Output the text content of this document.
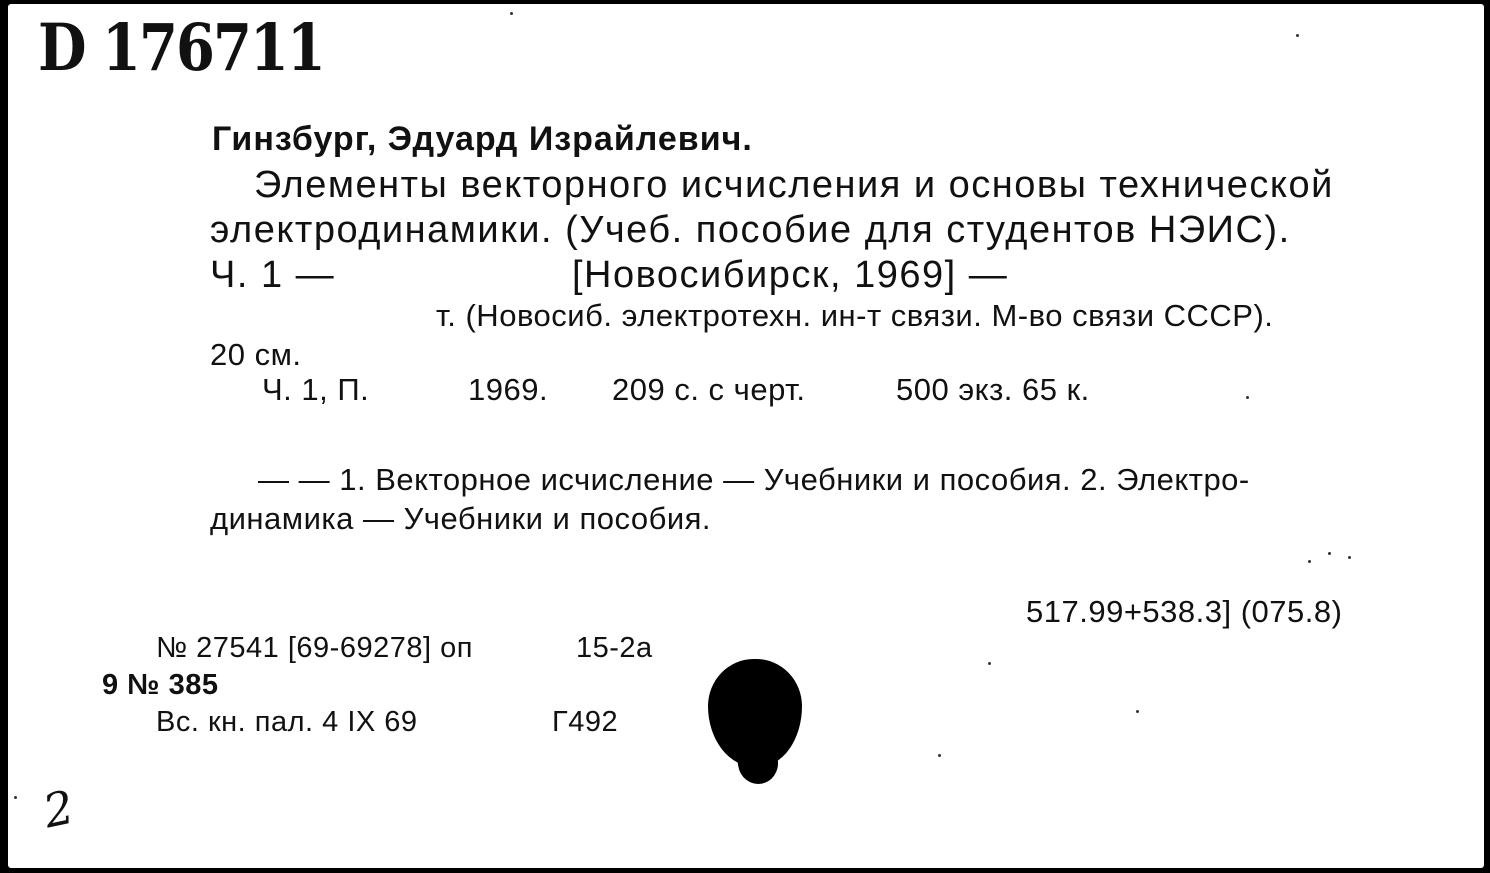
D 176711
Гинзбург, Эдуард Израйлевич.
Элементы векторного исчисления и основы технической
электродинамики. (Учеб. пособие для студентов НЭИС).
Ч. 1 —	[Новосибирск, 1969] —
т. (Новосиб. электротехн. ин-т связи. М-во связи СССР).
20 см.
Ч. 1, П.	1969. 209 с. с черт.	500 экз. 65 к.
— — 1. Векторное исчисление — Учебники и пособия. 2. Электро-
динамика — Учебники и пособия.
517.99+538.3] (075.8)
№ 27541 [69-69278] оп	15-2а
9 № 385
Вс. кн. пал. 4 IX 69	Г492
2
